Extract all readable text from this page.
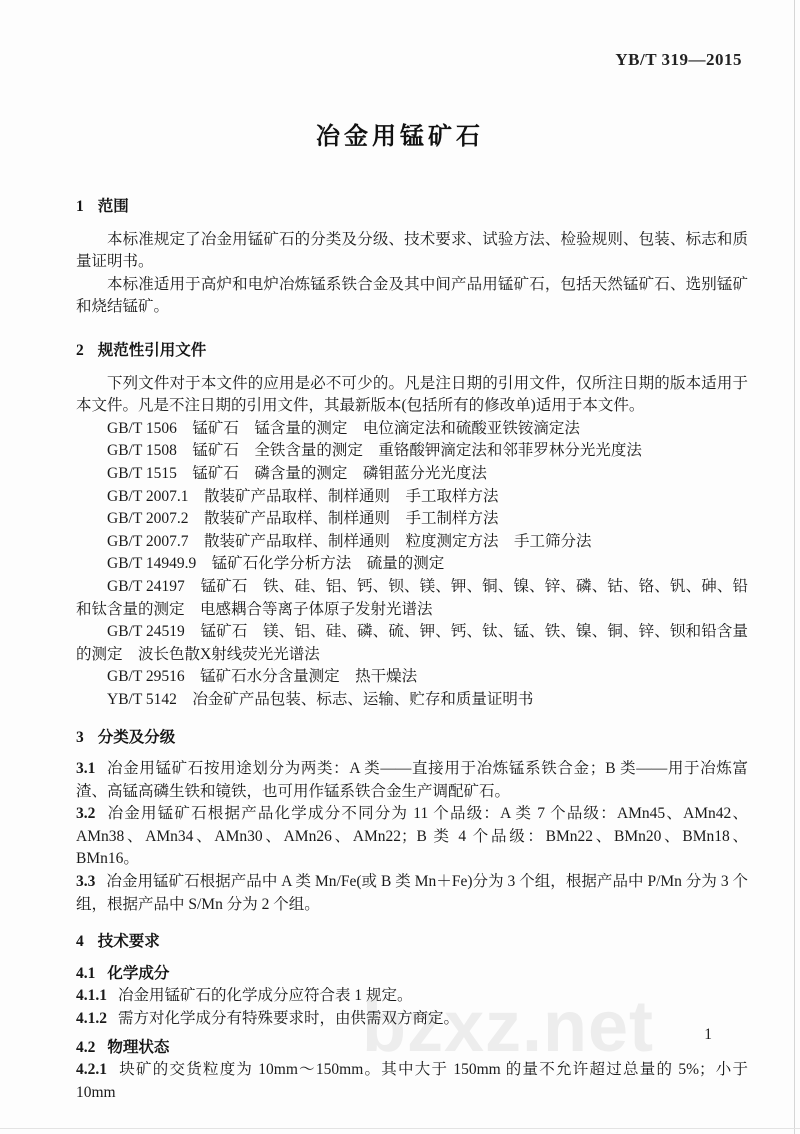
bzxz.net
YB/T 319—2015
冶金用锰矿石
1 范围

本标准规定了冶金用锰矿石的分类及分级、技术要求、试验方法、检验规则、包装、标志和质量证明书。

本标准适用于高炉和电炉冶炼锰系铁合金及其中间产品用锰矿石，包括天然锰矿石、选别锰矿和烧结锰矿。

2 规范性引用文件

下列文件对于本文件的应用是必不可少的。凡是注日期的引用文件，仅所注日期的版本适用于本文件。凡是不注日期的引用文件，其最新版本(包括所有的修改单)适用于本文件。

GB/T 1506　锰矿石　锰含量的测定　电位滴定法和硫酸亚铁铵滴定法

GB/T 1508　锰矿石　全铁含量的测定　重铬酸钾滴定法和邻菲罗林分光光度法

GB/T 1515　锰矿石　磷含量的测定　磷钼蓝分光光度法

GB/T 2007.1　散装矿产品取样、制样通则　手工取样方法

GB/T 2007.2　散装矿产品取样、制样通则　手工制样方法

GB/T 2007.7　散装矿产品取样、制样通则　粒度测定方法　手工筛分法

GB/T 14949.9　锰矿石化学分析方法　硫量的测定

GB/T 24197　锰矿石　铁、硅、铝、钙、钡、镁、钾、铜、镍、锌、磷、钴、铬、钒、砷、铅和钛含量的测定　电感耦合等离子体原子发射光谱法

GB/T 24519　锰矿石　镁、铝、硅、磷、硫、钾、钙、钛、锰、铁、镍、铜、锌、钡和铅含量的测定　波长色散X射线荧光光谱法

GB/T 29516　锰矿石水分含量测定　热干燥法

YB/T 5142　冶金矿产品包装、标志、运输、贮存和质量证明书

3 分类及分级

3.1 冶金用锰矿石按用途划分为两类：A 类——直接用于冶炼锰系铁合金；B 类——用于冶炼富渣、高锰高磷生铁和镜铁，也可用作锰系铁合金生产调配矿石。

3.2 冶金用锰矿石根据产品化学成分不同分为 11 个品级：A 类 7 个品级：AMn45、AMn42、AMn38、AMn34、AMn30、AMn26、AMn22；B 类 4 个品级：BMn22、BMn20、BMn18、BMn16。

3.3 冶金用锰矿石根据产品中 A 类 Mn/Fe(或 B 类 Mn＋Fe)分为 3 个组，根据产品中 P/Mn 分为 3 个组，根据产品中 S/Mn 分为 2 个组。

4 技术要求

4.1 化学成分

4.1.1 冶金用锰矿石的化学成分应符合表 1 规定。

4.1.2 需方对化学成分有特殊要求时，由供需双方商定。

4.2 物理状态

4.2.1 块矿的交货粒度为 10mm～150mm。其中大于 150mm 的量不允许超过总量的 5%；小于 10mm

1
